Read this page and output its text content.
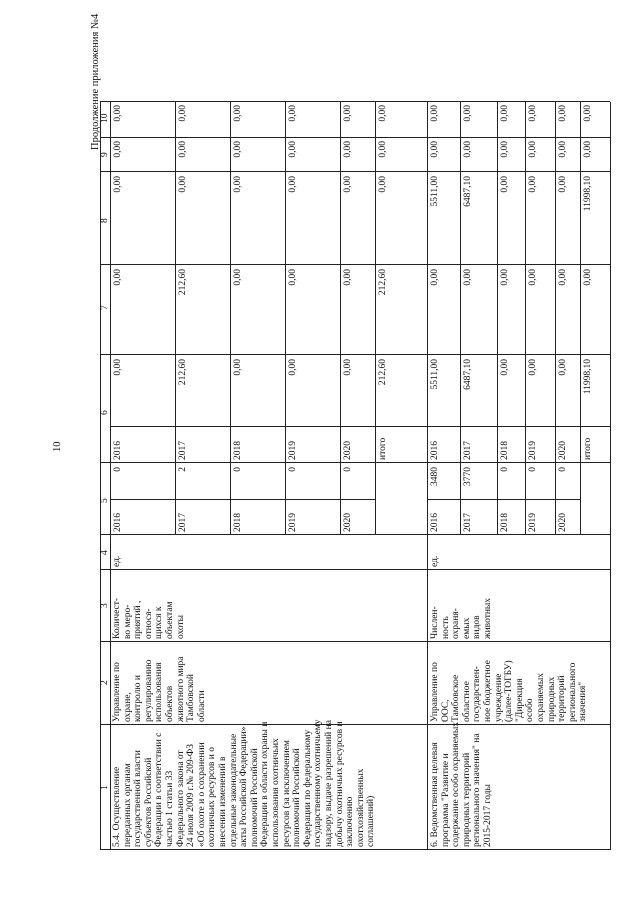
10
Продолжение приложения №4
1
2
3
4
5
6
7
8
9
10
5.4. Осуществление переданных органам государственной власти субъектов Российской Федерации в соответствии с частью 1 статьи 33 Федерального закона от 24 июля 2009 г.№ 209-ФЗ «Об охоте и о сохранении охотничьих ресурсов и о внесении изменений в отдельные законодательные акты Российской Федерации» полномочий Российской Федерации в области охраны и использования охотничьих ресурсов (за исключением полномочий Российской Федерации по федеральному государственному охотничьему надзору, выдаче разрешений на добычу охотничьих ресурсов и заключению охотхозяйственных соглашений)
Управление по охране, контролю и регулированию использования объектов животного мира Тамбовской области
Количест- во меро- приятий , относя- щихся к объектам охоты
ед.
2016
0
2016
0,00
0,00
0,00
0,00
0,00
2017
2
2017
212,60
212,60
0,00
0,00
0,00
2018
0
2018
0,00
0,00
0,00
0,00
0,00
2019
0
2019
0,00
0,00
0,00
0,00
0,00
2020
0
2020
0,00
0,00
0,00
0,00
0,00
итого
212,60
212,60
0,00
0,00
0,00
6. Ведомственная целевая программа "Развитие и содержание особо охраняемых природных территорий регионального значения" на 2015-2017 годы
Управление по ООС, Тамбовское областное государствен- ное бюджетное учреждение (далее-ТОГБУ) "Дирекция особо охраняемых природных территорий регионального значения"
Числен- ность охраня- емых видов животных
ед.
2016
3480
2016
5511,00
0,00
5511,00
0,00
0,00
2017
3770
2017
6487,10
0,00
6487,10
0,00
0,00
2018
0
2018
0,00
0,00
0,00
0,00
0,00
2019
0
2019
0,00
0,00
0,00
0,00
0,00
2020
0
2020
0,00
0,00
0,00
0,00
0,00
итого
11998,10
0,00
11998,10
0,00
0,00
